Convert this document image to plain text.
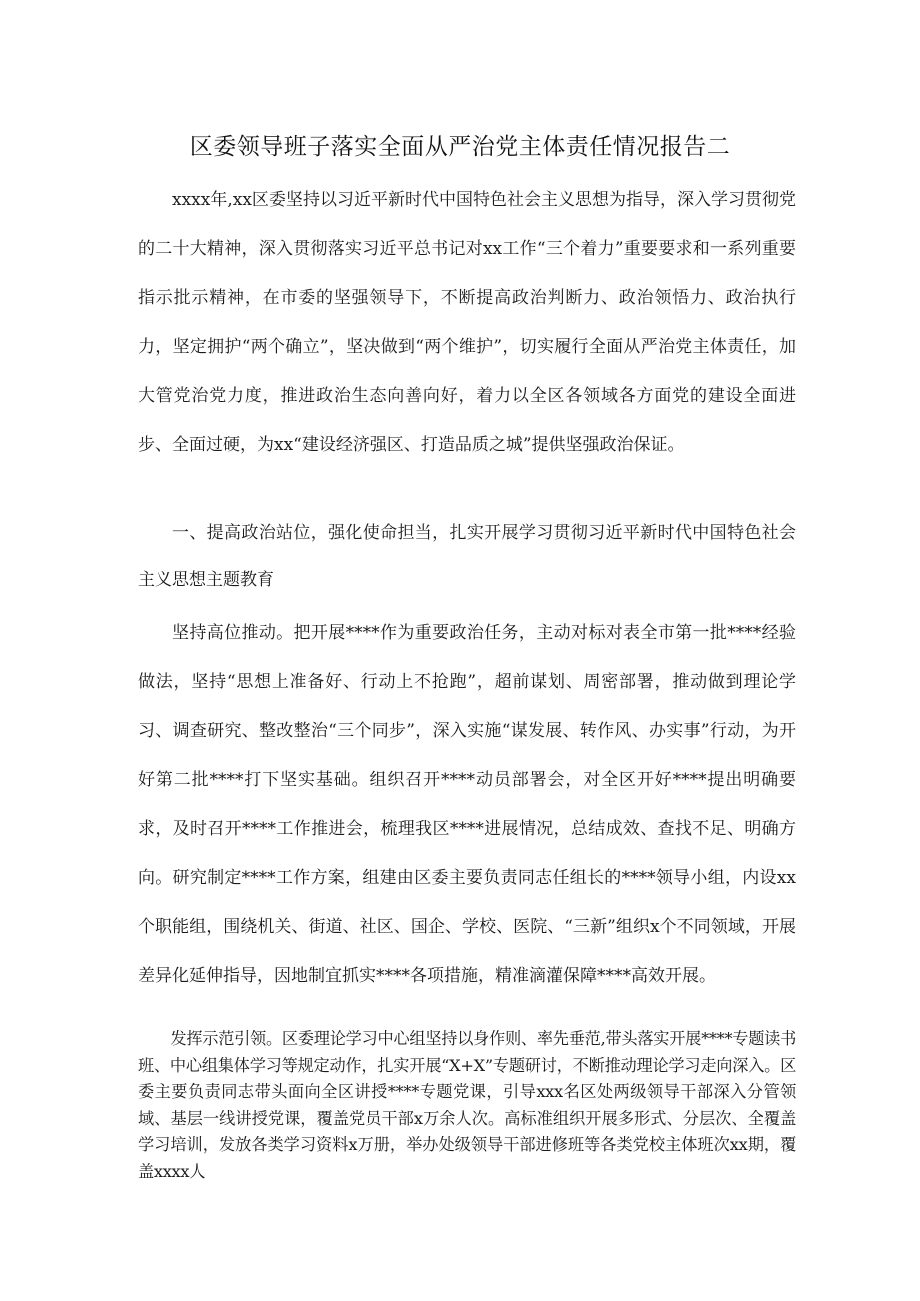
区委领导班子落实全面从严治党主体责任情况报告二

xxxx年,xx区委坚持以习近平新时代中国特色社会主义思想为指导，深入学习贯彻党的二十大精神，深入贯彻落实习近平总书记对xx工作“三个着力”重要要求和一系列重要指示批示精神，在市委的坚强领导下，不断提高政治判断力、政治领悟力、政治执行力，坚定拥护“两个确立”，坚决做到“两个维护”，切实履行全面从严治党主体责任，加大管党治党力度，推进政治生态向善向好，着力以全区各领域各方面党的建设全面进步、全面过硬，为xx“建设经济强区、打造品质之城”提供坚强政治保证。

一、提高政治站位，强化使命担当，扎实开展学习贯彻习近平新时代中国特色社会主义思想主题教育

坚持高位推动。把开展****作为重要政治任务，主动对标对表全市第一批****经验做法，坚持“思想上准备好、行动上不抢跑”，超前谋划、周密部署，推动做到理论学习、调查研究、整改整治“三个同步”，深入实施“谋发展、转作风、办实事”行动，为开好第二批****打下坚实基础。组织召开****动员部署会，对全区开好****提出明确要求，及时召开****工作推进会，梳理我区****进展情况，总结成效、查找不足、明确方向。研究制定****工作方案，组建由区委主要负责同志任组长的****领导小组，内设xx个职能组，围绕机关、街道、社区、国企、学校、医院、“三新”组织x个不同领域，开展差异化延伸指导，因地制宜抓实****各项措施，精准滴灌保障****高效开展。

发挥示范引领。区委理论学习中心组坚持以身作则、率先垂范,带头落实开展****专题读书班、中心组集体学习等规定动作，扎实开展“X+X”专题研讨，不断推动理论学习走向深入。区委主要负责同志带头面向全区讲授****专题党课，引导xxx名区处两级领导干部深入分管领域、基层一线讲授党课，覆盖党员干部x万余人次。高标准组织开展多形式、分层次、全覆盖学习培训，发放各类学习资料x万册，举办处级领导干部进修班等各类党校主体班次xx期，覆盖xxxx人
